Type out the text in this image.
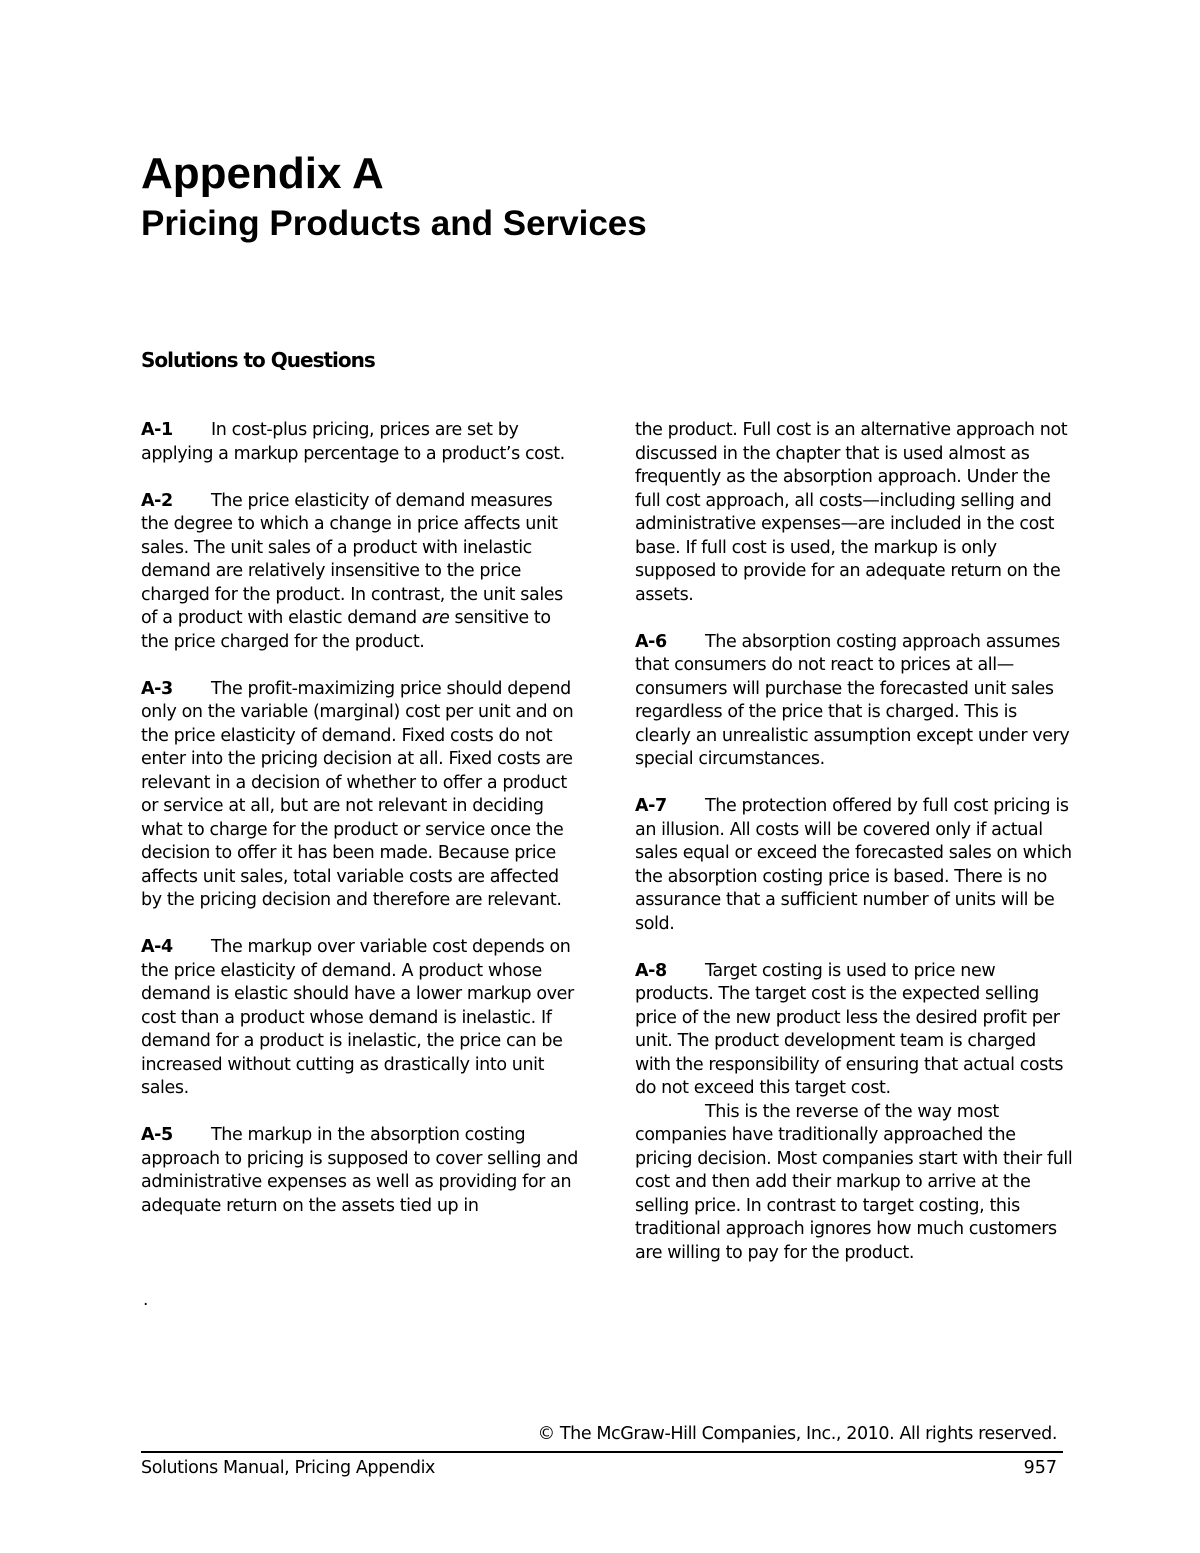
Appendix A
Pricing Products and Services
Solutions to Questions

A-1 In cost-plus pricing, prices are set by applying a markup percentage to a product’s cost.

A-2 The price elasticity of demand measures the degree to which a change in price affects unit sales. The unit sales of a product with inelastic demand are relatively insensitive to the price charged for the product. In contrast, the unit sales of a product with elastic demand are sensitive to the price charged for the product.

A-3 The profit-maximizing price should depend only on the variable (marginal) cost per unit and on the price elasticity of demand. Fixed costs do not enter into the pricing decision at all. Fixed costs are relevant in a decision of whether to offer a product or service at all, but are not relevant in deciding what to charge for the product or service once the decision to offer it has been made. Because price affects unit sales, total variable costs are affected by the pricing decision and therefore are relevant.

A-4 The markup over variable cost depends on the price elasticity of demand. A product whose demand is elastic should have a lower markup over cost than a product whose demand is inelastic. If demand for a product is inelastic, the price can be increased without cutting as drastically into unit sales.

A-5 The markup in the absorption costing approach to pricing is supposed to cover selling and administrative expenses as well as providing for an adequate return on the assets tied up in

.

the product. Full cost is an alternative approach not discussed in the chapter that is used almost as frequently as the absorption approach. Under the full cost approach, all costs—including selling and administrative expenses—are included in the cost base. If full cost is used, the markup is only supposed to provide for an adequate return on the assets.

A-6 The absorption costing approach assumes that consumers do not react to prices at all—consumers will purchase the forecasted unit sales regardless of the price that is charged. This is clearly an unrealistic assumption except under very special circumstances.

A-7 The protection offered by full cost pricing is an illusion. All costs will be covered only if actual sales equal or exceed the forecasted sales on which the absorption costing price is based. There is no assurance that a sufficient number of units will be sold.

A-8 Target costing is used to price new products. The target cost is the expected selling price of the new product less the desired profit per unit. The product development team is charged with the responsibility of ensuring that actual costs do not exceed this target cost.

This is the reverse of the way most companies have traditionally approached the pricing decision. Most companies start with their full cost and then add their markup to arrive at the selling price. In contrast to target costing, this traditional approach ignores how much customers are willing to pay for the product.

© The McGraw-Hill Companies, Inc., 2010. All rights reserved.
Solutions Manual, Pricing Appendix	957
